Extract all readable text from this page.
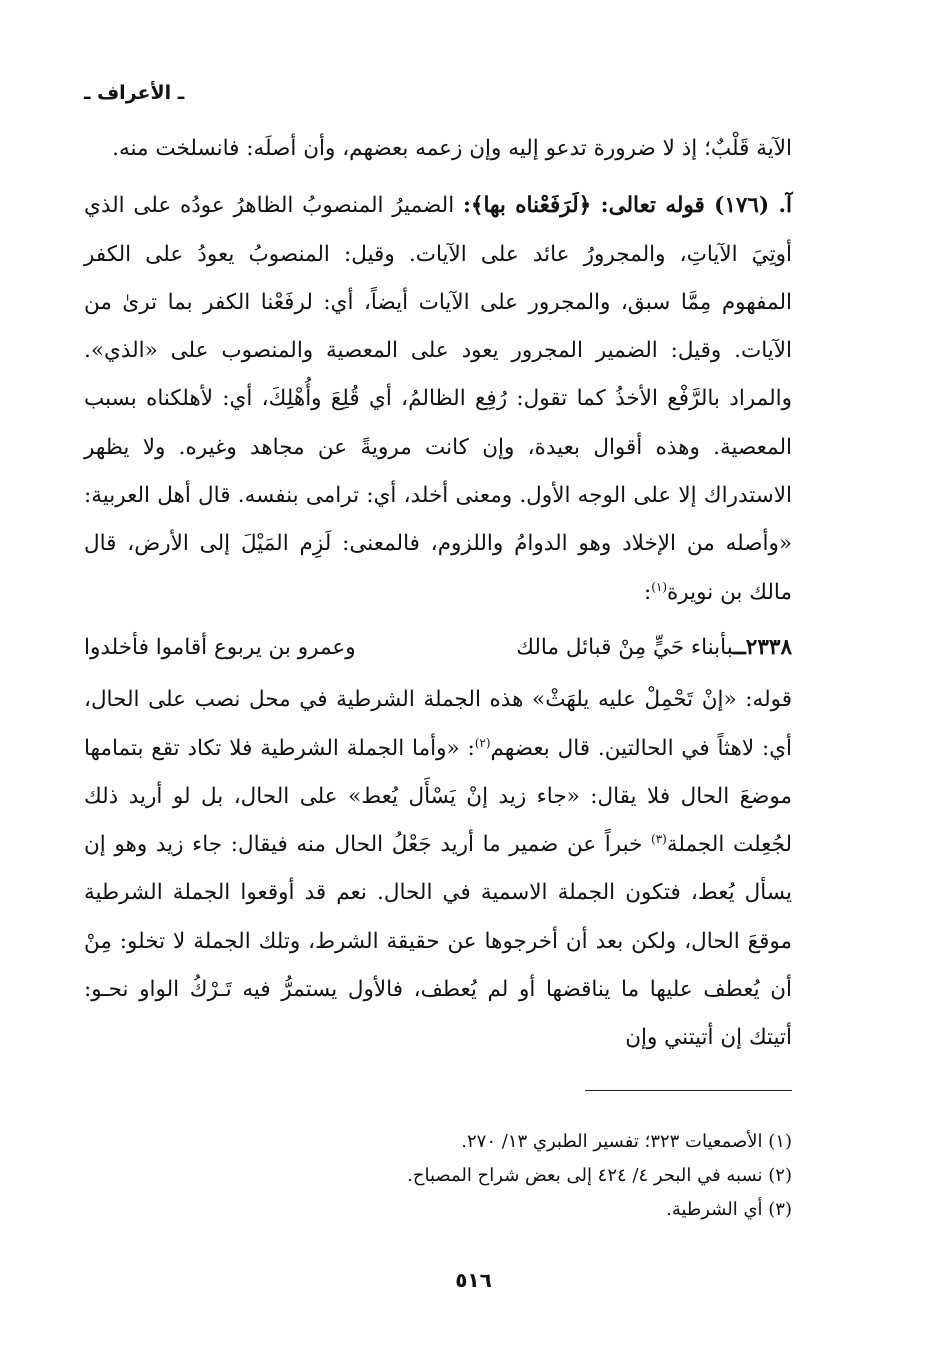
ـ الأعراف ـ

الآية قَلْبٌ؛ إذ لا ضرورة تدعو إليه وإن زعمه بعضهم، وأن أصلَه: فانسلخت منه.

آ. (١٧٦) قوله تعالى: ﴿لَرَفَعْناه بها﴾: الضميرُ المنصوبُ الظاهرُ عودُه على الذي أوتِيَ الآياتِ، والمجرورُ عائد على الآيات. وقيل: المنصوبُ يعودُ على الكفر المفهوم مِمَّا سبق، والمجرور على الآيات أيضاً، أي: لرفَعْنا الكفر بما ترىٰ من الآيات. وقيل: الضمير المجرور يعود على المعصية والمنصوب على «الذي». والمراد بالرَّفْع الأخذُ كما تقول: رُفِع الظالمُ، أي قُلِعَ وأُهْلِكَ، أي: لأهلكناه بسبب المعصية. وهذه أقوال بعيدة، وإن كانت مرويةً عن مجاهد وغيره. ولا يظهر الاستدراك إلا على الوجه الأول. ومعنى أخلد، أي: ترامى بنفسه. قال أهل العربية: «وأصله من الإخلاد وهو الدوامُ واللزوم، فالمعنى: لَزِم المَيْلَ إلى الأرض، قال مالك بن نويرة$^{(١)}$:

٢٣٣٨ــبأبناء حَيٍّ مِنْ قبائل مالك
وعمرو بن يربوع أقاموا فأخلدوا

قوله: «إنْ تَحْمِلْ عليه يلهَثْ» هذه الجملة الشرطية في محل نصب على الحال، أي: لاهثاً في الحالتين. قال بعضهم$^{(٢)}$: «وأما الجملة الشرطية فلا تكاد تقع بتمامها موضعَ الحال فلا يقال: «جاء زيد إنْ يَسْأَل يُعط» على الحال، بل لو أريد ذلك لجُعِلت الجملة$^{(٣)}$ خبراً عن ضمير ما أريد جَعْلُ الحال منه فيقال: جاء زيد وهو إن يسأل يُعط، فتكون الجملة الاسمية في الحال. نعم قد أوقعوا الجملة الشرطية موقعَ الحال، ولكن بعد أن أخرجوها عن حقيقة الشرط، وتلك الجملة لا تخلو: مِنْ أن يُعطف عليها ما يناقضها أو لم يُعطف، فالأول يستمرُّ فيه تَـرْكُ الواو نحـو: أتيتك إن أتيتني وإن

(١) الأصمعيات ٣٢٣؛ تفسير الطبري ١٣/ ٢٧٠.
(٢) نسبه في البحر ٤/ ٤٢٤ إلى بعض شراح المصباح.
(٣) أي الشرطية.
٥١٦
